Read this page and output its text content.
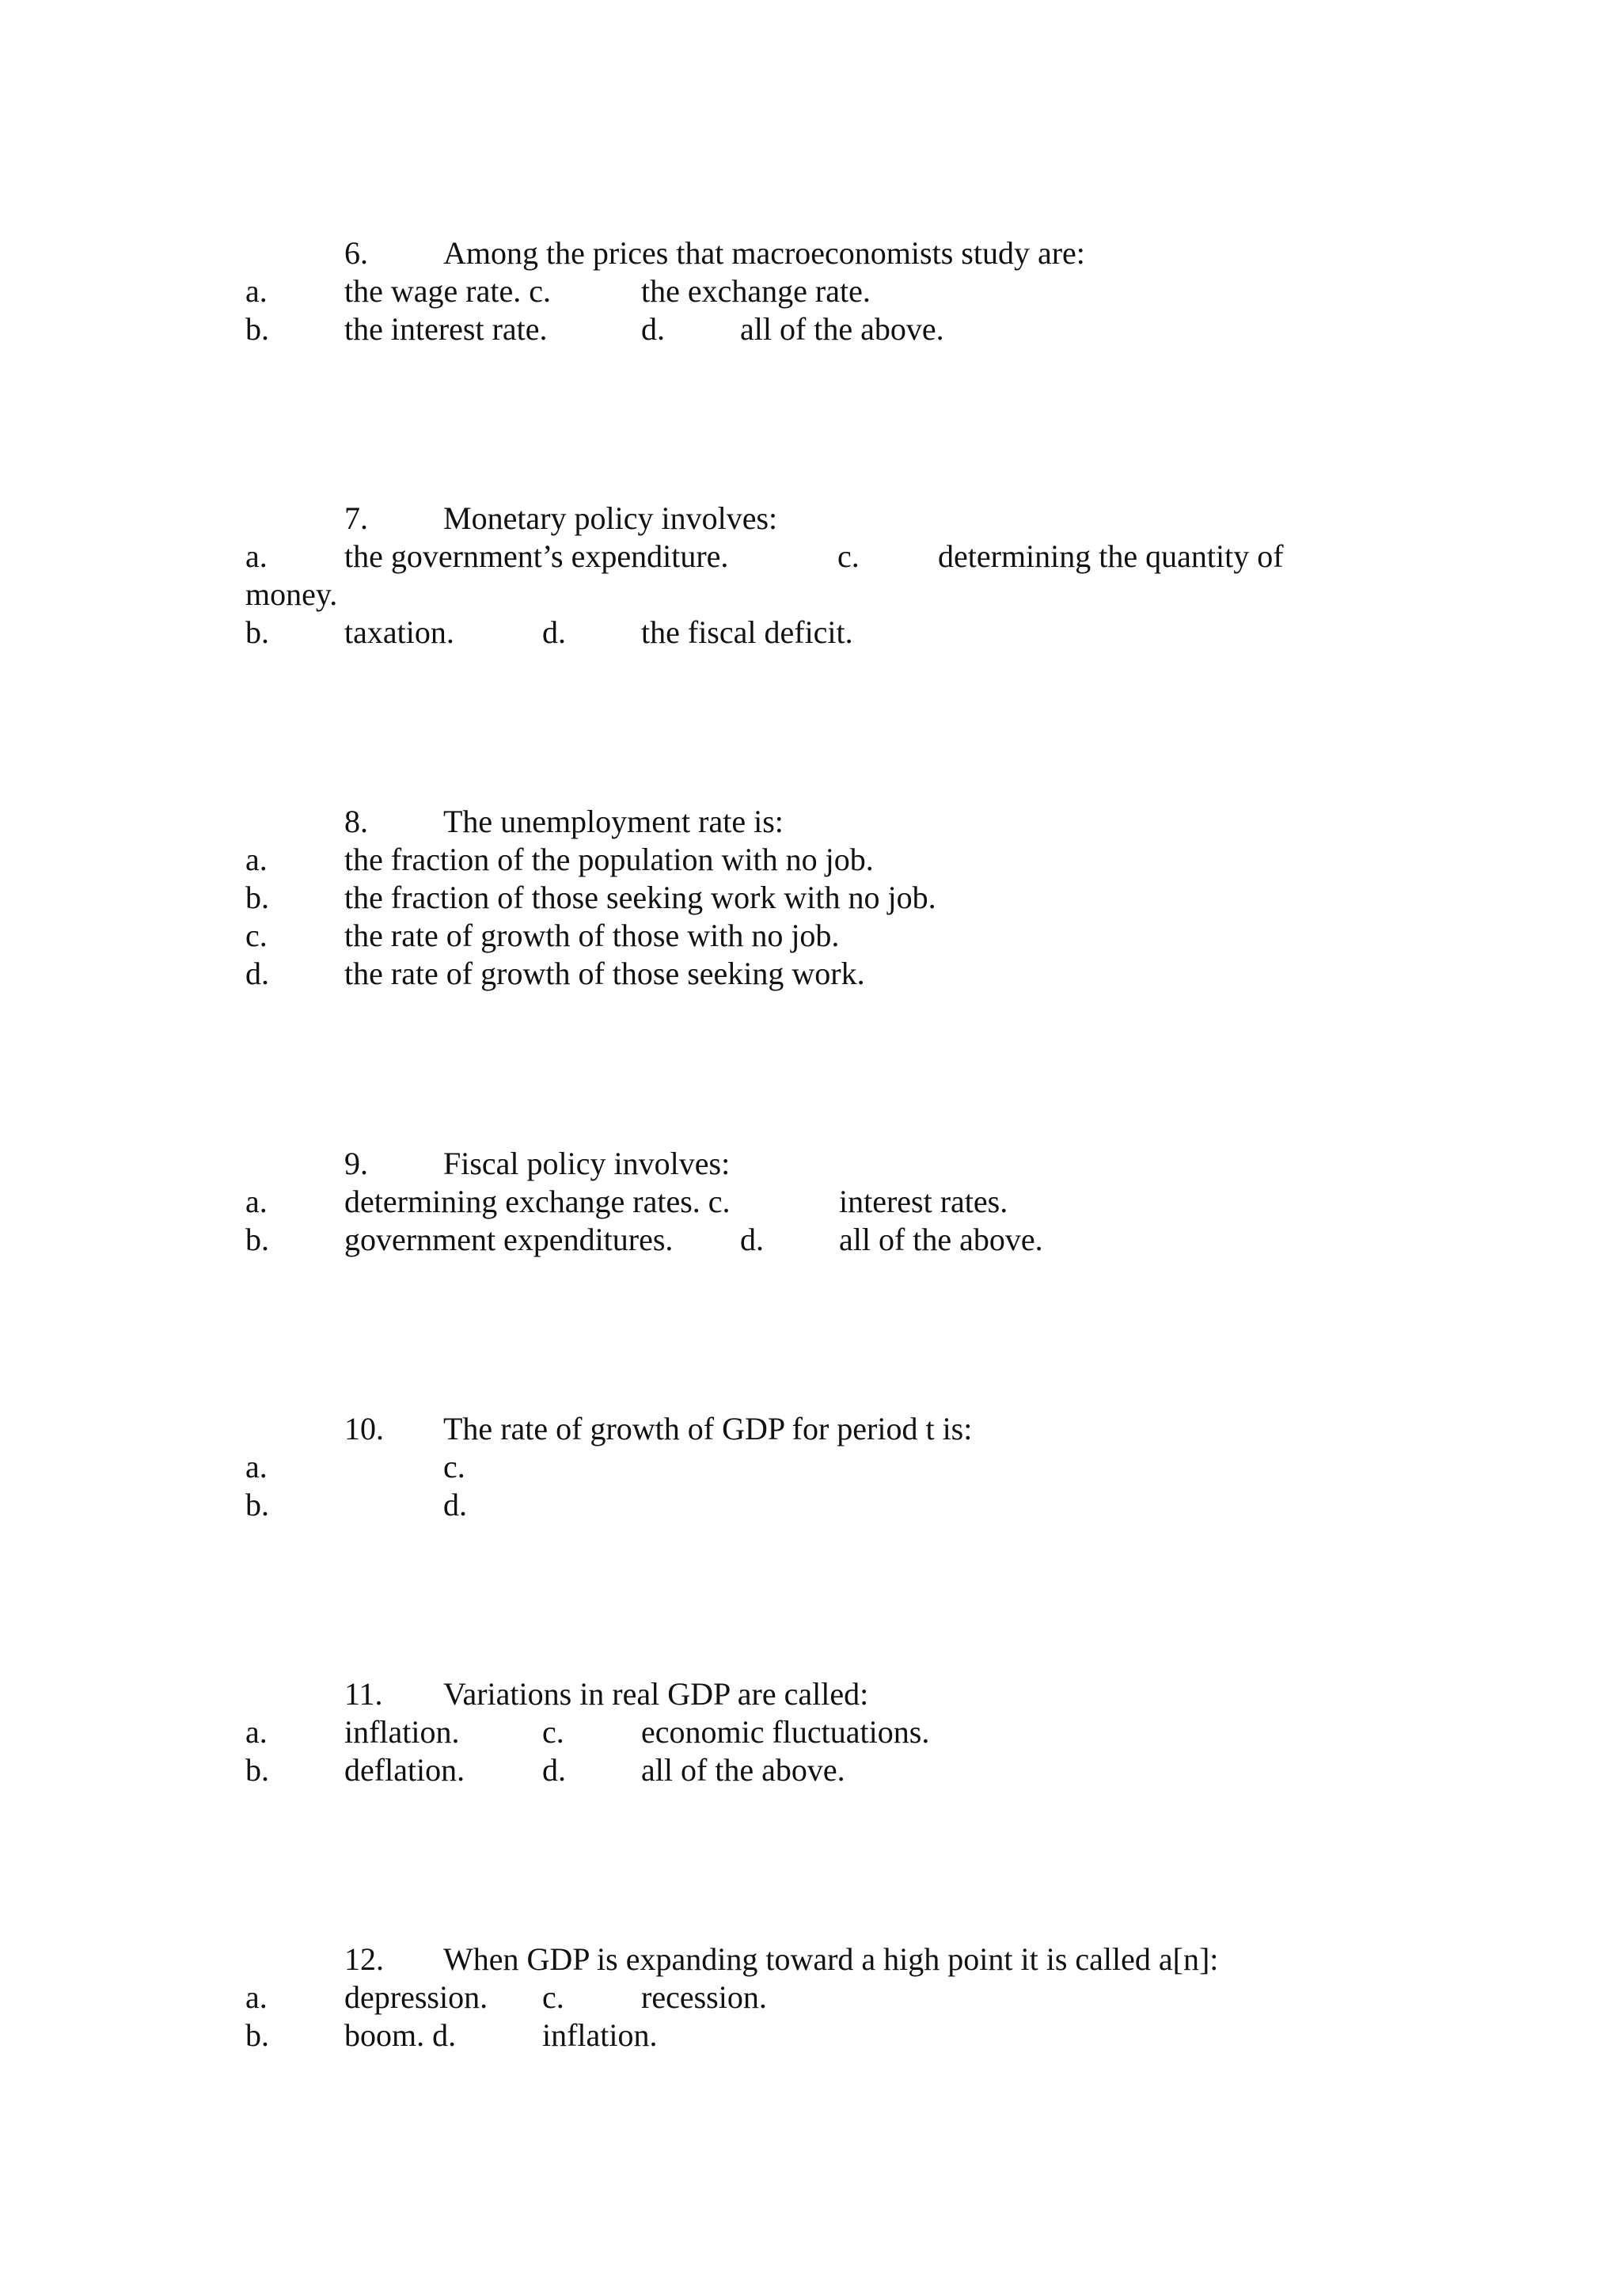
6. Among the prices that macroeconomists study are:
a. the wage rate. c.	the exchange rate.
b. the interest rate.	d. all of the above.
7. Monetary policy involves:
a. the government’s expenditure.	c. determining the quantity of
money.
b. taxation.	d. the fiscal deficit.
8. The unemployment rate is:
a. the fraction of the population with no job.
b. the fraction of those seeking work with no job.
c. the rate of growth of those with no job.
d. the rate of growth of those seeking work.
9. Fiscal policy involves:
a. determining exchange rates. c.	interest rates.
b. government expenditures. d. all of the above.
10. The rate of growth of GDP for period t is:
a.	c.
b.	d.
11. Variations in real GDP are called:
a. inflation.	c. economic fluctuations.
b. deflation. d. all of the above.
12. When GDP is expanding toward a high point it is called a[n]:
a. depression. c. recession.
b. boom. d.	inflation.
